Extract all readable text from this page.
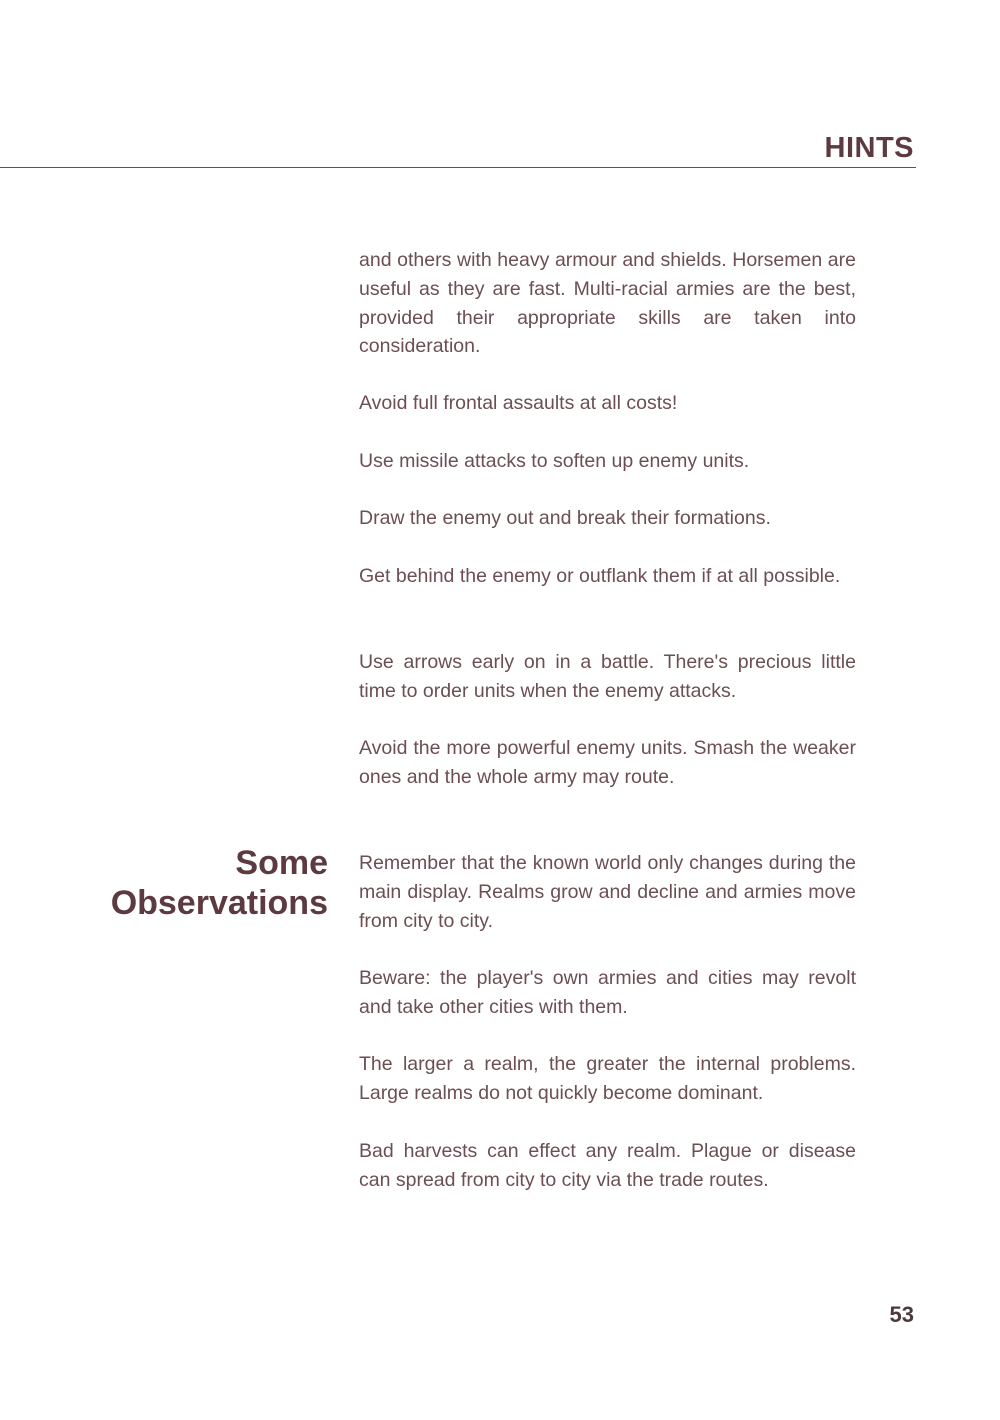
HINTS

and others with heavy armour and shields. Horsemen are useful as they are fast. Multi-racial armies are the best, provided their appropriate skills are taken into consideration.

Avoid full frontal assaults at all costs!

Use missile attacks to soften up enemy units.

Draw the enemy out and break their formations.

Get behind the enemy or outflank them if at all possible.

Use arrows early on in a battle. There's precious little time to order units when the enemy attacks.

Avoid the more powerful enemy units. Smash the weaker ones and the whole army may route.

Some
Observations

Remember that the known world only changes during the main display. Realms grow and decline and armies move from city to city.

Beware: the player's own armies and cities may revolt and take other cities with them.

The larger a realm, the greater the internal problems. Large realms do not quickly become dominant.

Bad harvests can effect any realm. Plague or disease can spread from city to city via the trade routes.

53
